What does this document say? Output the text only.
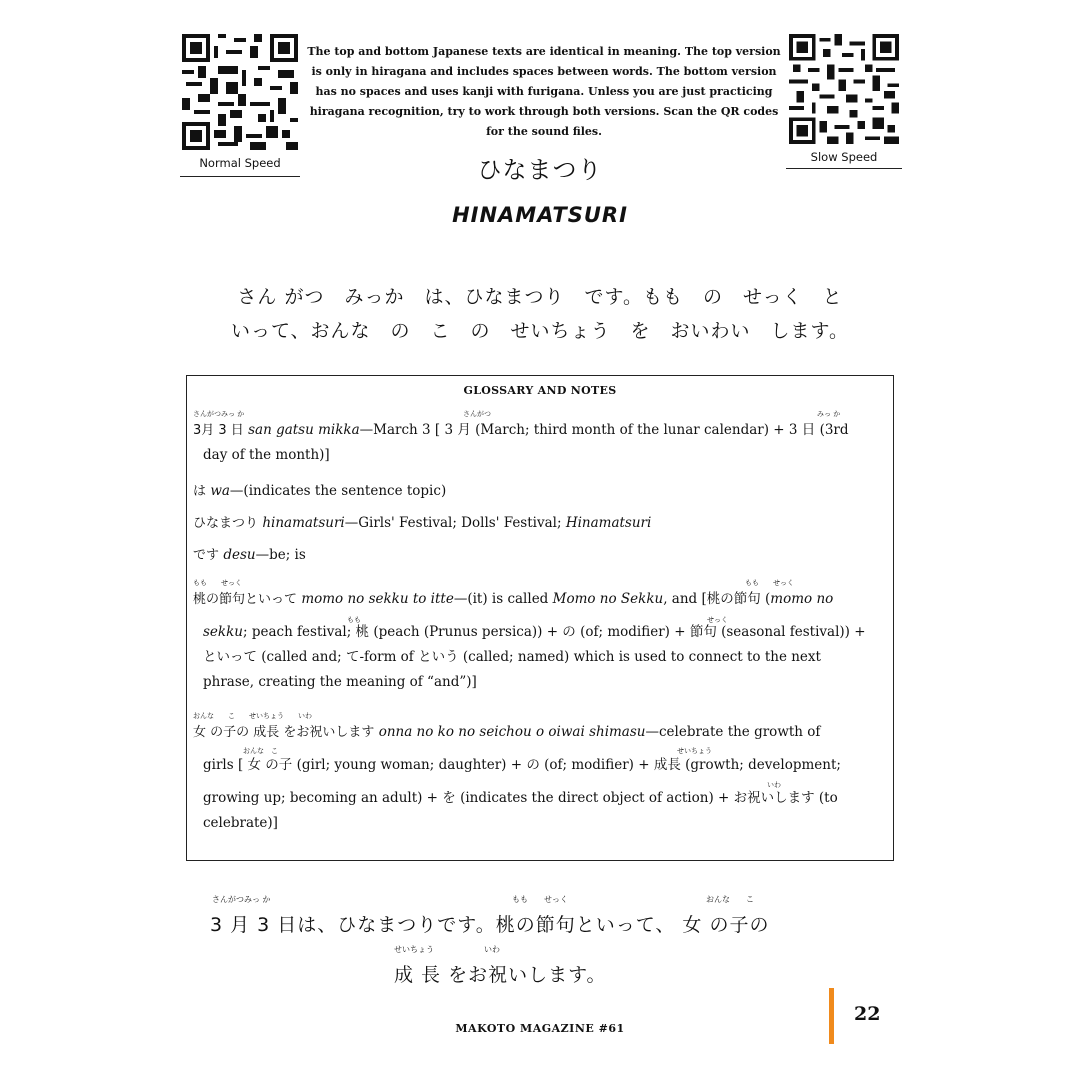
Normal Speed	Slow Speed
The top and bottom Japanese texts are identical in meaning. The top version is only in hiragana and includes spaces between words. The bottom version has no spaces and uses kanji with furigana. Unless you are just practicing hiragana recognition, try to work through both versions. Scan the QR codes for the sound files.
ひなまつり
HINAMATSURI
さん がつ　みっか　は、ひなまつり　です。もも　の　せっく　と
いって、おんな　の　こ　の　せいちょう　を　おいわい　します。
GLOSSARY AND NOTES
さんがつみっ か	さんがつ	みっ か
3月 3 日 san gatsu mikka—March 3 [ 3 月 (March; third month of the lunar calendar) + 3 日 (3rd
day of the month)]
は wa—(indicates the sentence topic)
ひなまつり hinamatsuri—Girls' Festival; Dolls' Festival; Hinamatsuri
です desu—be; is
もも　　せっく	もも　　せっく
もも	せっく
桃の節句といって momo no sekku to itte—(it) is called Momo no Sekku, and [桃の節句 (momo no
sekku; peach festival; 桃 (peach (Prunus persica)) + の (of; modifier) + 節句 (seasonal festival)) +
といって (called and; て-form of という (called; named) which is used to connect to the next
phrase, creating the meaning of “and”)]
おんな　　こ　　せいちょう　　いわ
おんな　こ	せいちょう
いわ
女 の子の 成長 をお祝いします onna no ko no seichou o oiwai shimasu—celebrate the growth of
girls [ 女 の子 (girl; young woman; daughter) + の (of; modifier) + 成長 (growth; development;
growing up; becoming an adult) + を (indicates the direct object of action) + お祝いします (to
celebrate)]
さんがつみっ か	もも　　せっく	おんな　　こ
3 月 3 日は、ひなまつりです。桃の節句といって、 女 の子の
せいちょう	いわ
成 長 をお祝いします。
MAKOTO MAGAZINE #61
22
